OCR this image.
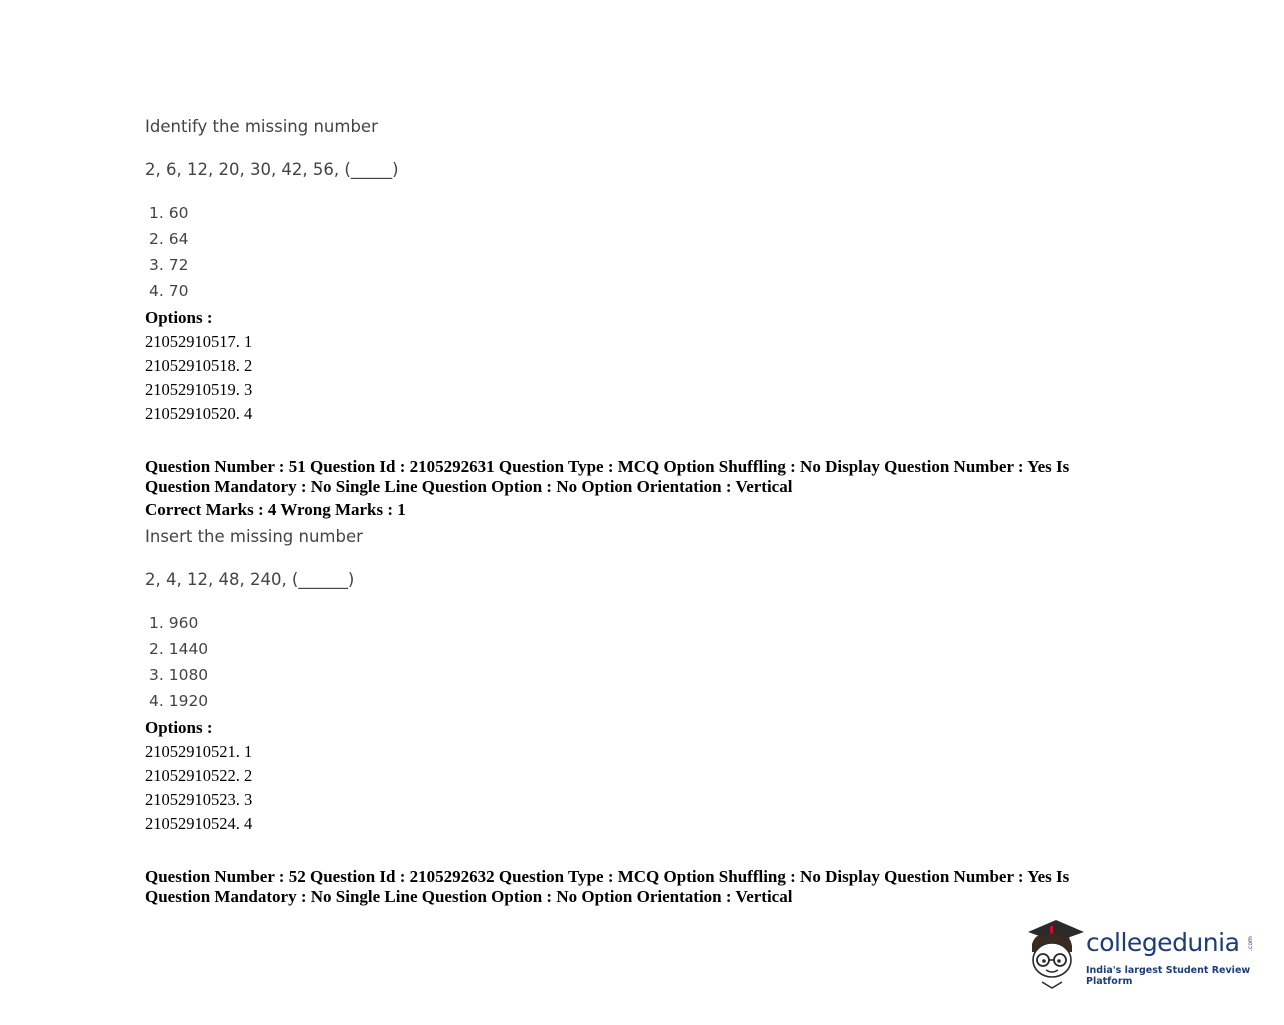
Identify the missing number
2, 6, 12, 20, 30, 42, 56, (_____)
1. 60
2. 64
3. 72
4. 70
Options :
21052910517. 1
21052910518. 2
21052910519. 3
21052910520. 4
Question Number : 51 Question Id : 2105292631 Question Type : MCQ Option Shuffling : No Display Question Number : Yes Is
Question Mandatory : No Single Line Question Option : No Option Orientation : Vertical
Correct Marks : 4 Wrong Marks : 1
Insert the missing number
2, 4, 12, 48, 240, (______)
1. 960
2. 1440
3. 1080
4. 1920
Options :
21052910521. 1
21052910522. 2
21052910523. 3
21052910524. 4
Question Number : 52 Question Id : 2105292632 Question Type : MCQ Option Shuffling : No Display Question Number : Yes Is
Question Mandatory : No Single Line Question Option : No Option Orientation : Vertical
collegedunia .com
India's largest Student Review Platform
